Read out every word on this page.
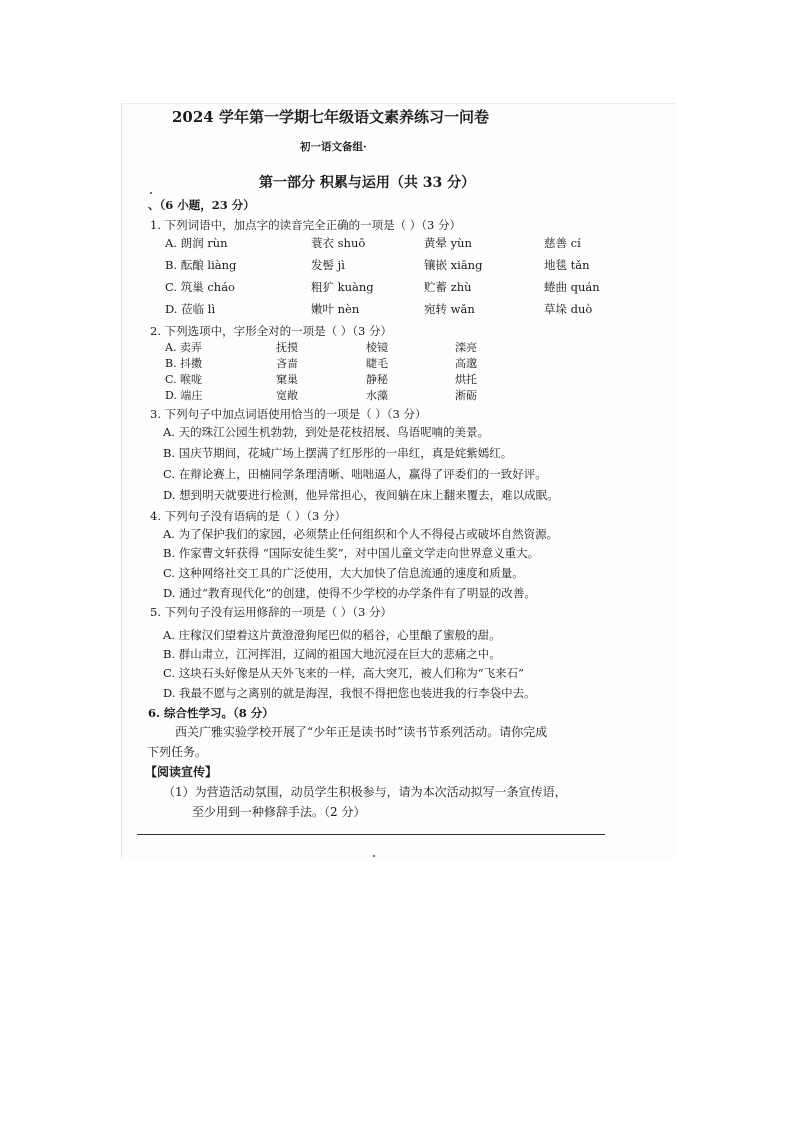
2024 学年第一学期七年级语文素养练习一问卷
初一语文备组·
第一部分 积累与运用（共 33 分）
、（6 小题，23 分）
1. 下列词语中，加点字的读音完全正确的一项是（ ）（3 分）
A. 朗润 rùn	蓑衣 shuō	黄晕 yùn	慈善 cí
B. 酝酿 liàng	发髻 jì	镶嵌 xiāng	地毯 tǎn
C. 筑巢 cháo	粗犷 kuàng	贮蓄 zhù	蜷曲 quán
D. 莅临 lì	嫩叶 nèn	宛转 wǎn	草垛 duò
2. 下列选项中，字形全对的一项是（ ）（3 分）
A. 卖弄	抚摸	棱镜	滦亮
B. 抖擞	吝啬	睫毛	高邈
C. 喉咙	窠巢	静秘	烘托
D. 端庄	宽敞	水藻	淅砺
3. 下列句子中加点词语使用恰当的一项是（ ）（3 分）
A. 天的珠江公园生机勃勃，到处是花枝招展、鸟语呢喃的美景。
B. 国庆节期间，花城广场上摆满了红彤彤的一串红，真是姹紫嫣红。
C. 在辩论赛上，田楠同学条理清晰、咄咄逼人，赢得了评委们的一致好评。
D. 想到明天就要进行检测，他异常担心，夜间躺在床上翻来覆去，难以成眠。
4. 下列句子没有语病的是（ ）（3 分）
A. 为了保护我们的家园，必须禁止任何组织和个人不得侵占或破坏自然资源。
B. 作家曹文轩获得 “国际安徒生奖”，对中国儿童文学走向世界意义重大。
C. 这种网络社交工具的广泛使用，大大加快了信息流通的速度和质量。
D. 通过“教育现代化”的创建，使得不少学校的办学条件有了明显的改善。
5. 下列句子没有运用修辞的一项是（ ）（3 分）
A. 庄稼汉们望着这片黄澄澄狗尾巴似的稻谷，心里酿了蜜般的甜。
B. 群山肃立，江河挥泪，辽阔的祖国大地沉浸在巨大的悲痛之中。
C. 这块石头好像是从天外飞来的一样，高大突兀，被人们称为“飞来石”
D. 我最不愿与之离别的就是海涅，我恨不得把您也装进我的行李袋中去。
6. 综合性学习。（8 分）
西关广雅实验学校开展了“少年正是读书时”读书节系列活动。请你完成
下列任务。
【阅读宣传】
（1）为营造活动氛围，动员学生积极参与，请为本次活动拟写一条宣传语，
至少用到一种修辞手法。（2 分）
